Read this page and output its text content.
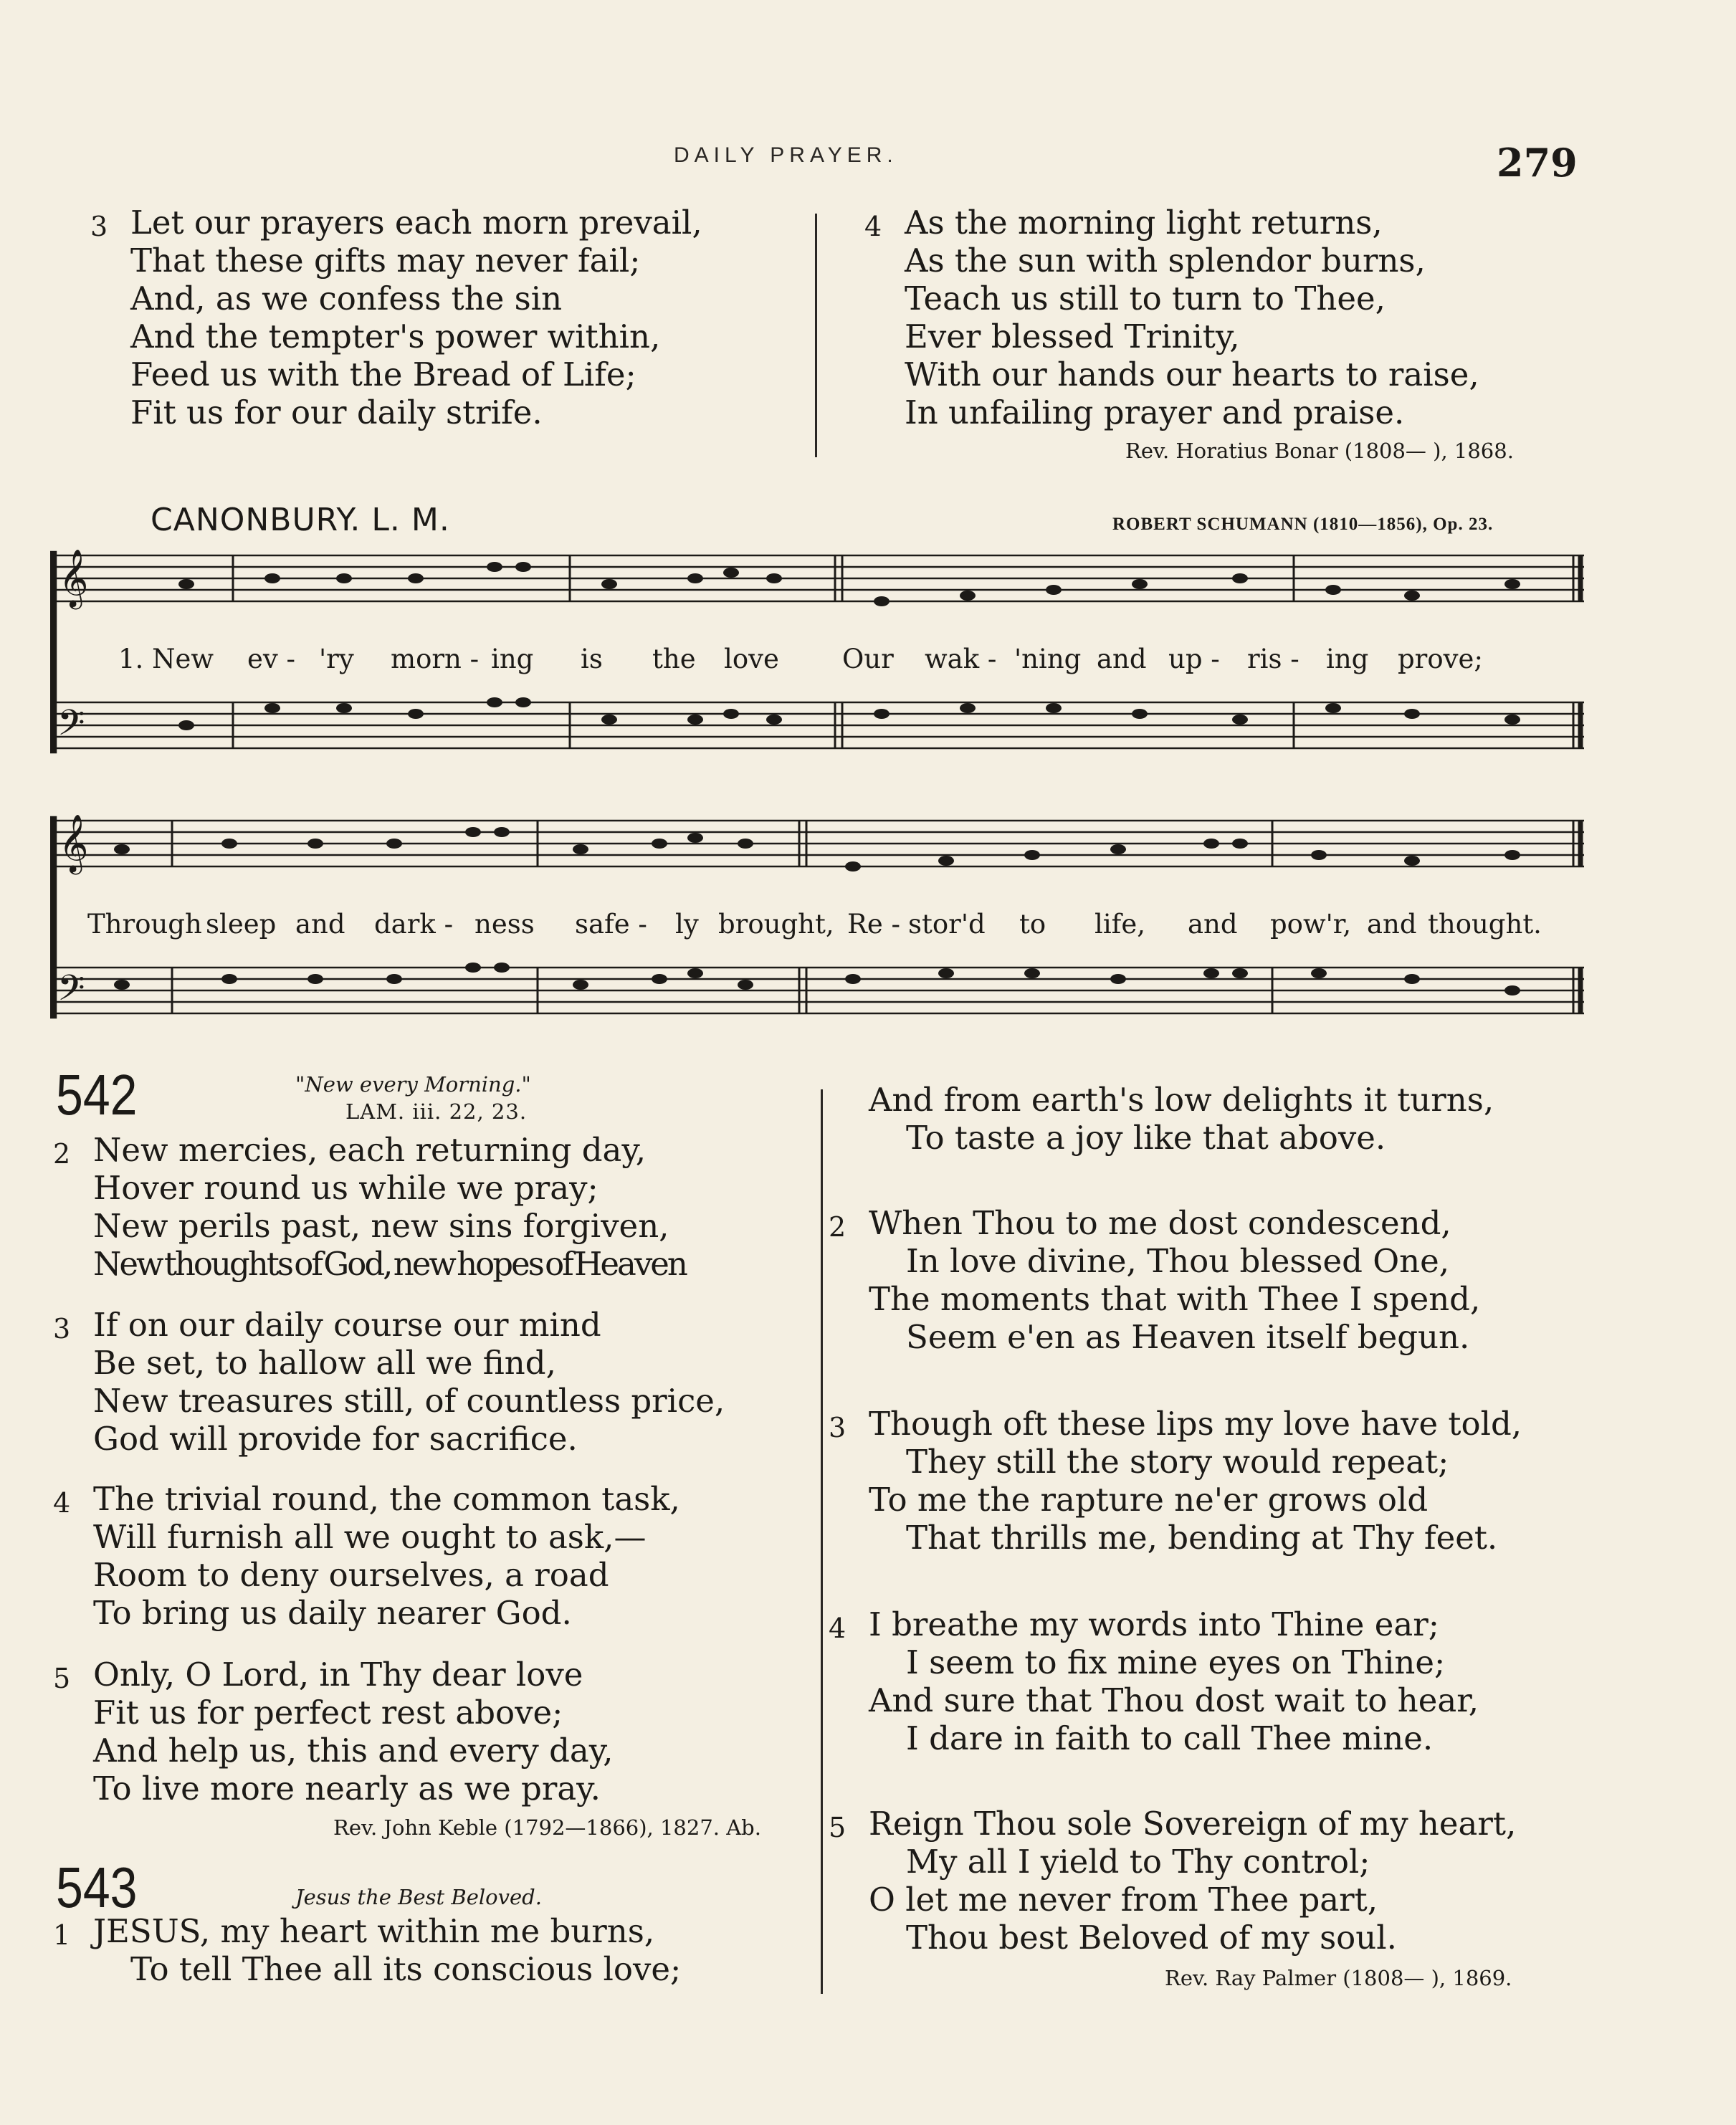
DAILY PRAYER.	279
3 Let our prayers each morn prevail,
That these gifts may never fail;
And, as we confess the sin
And the tempter's power within,
Feed us with the Bread of Life;
Fit us for our daily strife.
4 As the morning light returns,
As the sun with splendor burns,
Teach us still to turn to Thee,
Ever blessed Trinity,
With our hands our hearts to raise,
In unfailing prayer and praise.
Rev. Horatius Bonar (1808— ), 1868.
CANONBURY. L. M.	ROBERT SCHUMANN (1810—1856), Op. 23.
𝄞
𝄢
1. New ev - 'ry morn - ing is the love Our wak - 'ning and up - ris - ing prove;
𝄞
𝄢
Through sleep and dark - ness safe - ly brought, Re - stor'd to life, and pow'r, and thought.
542	"New every Morning."
LAM. iii. 22, 23.
2 New mercies, each returning day,
Hover round us while we pray;
New perils past, new sins forgiven,
New thoughts of God, new hopes of Heaven
3 If on our daily course our mind
Be set, to hallow all we find,
New treasures still, of countless price,
God will provide for sacrifice.
4 The trivial round, the common task,
Will furnish all we ought to ask,—
Room to deny ourselves, a road
To bring us daily nearer God.
5 Only, O Lord, in Thy dear love
Fit us for perfect rest above;
And help us, this and every day,
To live more nearly as we pray.
Rev. John Keble (1792—1866), 1827. Ab.
543	Jesus the Best Beloved.
1 JESUS, my heart within me burns,
To tell Thee all its conscious love;
And from earth's low delights it turns,
To taste a joy like that above.
2 When Thou to me dost condescend,
In love divine, Thou blessed One,
The moments that with Thee I spend,
Seem e'en as Heaven itself begun.
3 Though oft these lips my love have told,
They still the story would repeat;
To me the rapture ne'er grows old
That thrills me, bending at Thy feet.
4 I breathe my words into Thine ear;
I seem to fix mine eyes on Thine;
And sure that Thou dost wait to hear,
I dare in faith to call Thee mine.
5 Reign Thou sole Sovereign of my heart,
My all I yield to Thy control;
O let me never from Thee part,
Thou best Beloved of my soul.
Rev. Ray Palmer (1808— ), 1869.
